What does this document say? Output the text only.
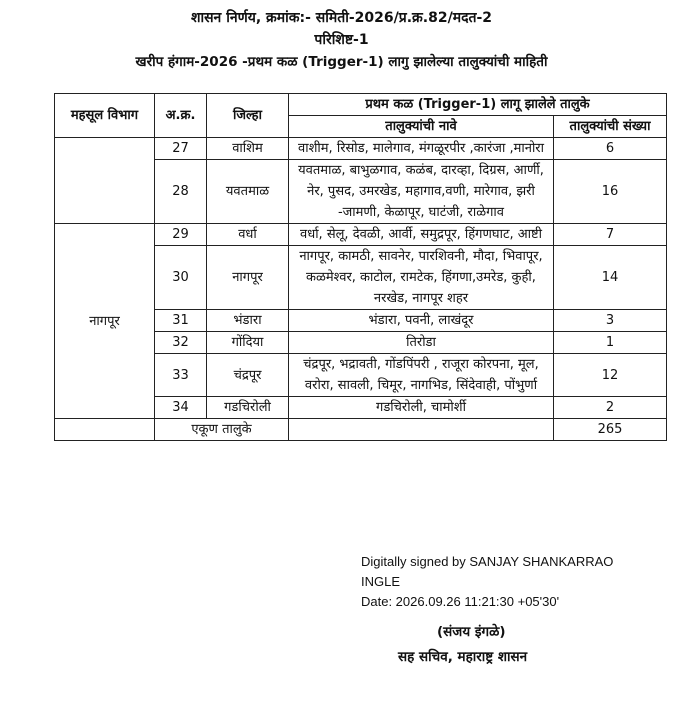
शासन निर्णय, क्रमांक:- समिती-2026/प्र.क्र.82/मदत-2
परिशिष्ट-1
खरीप हंगाम-2026 -प्रथम कळ (Trigger-1) लागु झालेल्या तालुक्यांची माहिती
महसूल विभाग	अ.क्र.	जिल्हा	प्रथम कळ (Trigger-1) लागू झालेले तालुके	
			तालुक्यांची नावे	तालुक्यांची संख्या
	27	वाशिम	वाशीम, रिसोड, मालेगाव, मंगळूरपीर ,कारंजा ,मानोरा	6
	28	यवतमाळ	यवतमाळ, बाभुळगाव, कळंब, दारव्हा, दिग्रस, आर्णी, नेर, पुसद, उमरखेड, महागाव,वणी, मारेगाव, झरी -जामणी, केळापूर, घाटंजी, राळेगाव	16
नागपूर	29	वर्धा	वर्धा, सेलू, देवळी, आर्वी, समुद्रपूर, हिंगणघाट, आष्टी	7
	30	नागपूर	नागपूर, कामठी, सावनेर, पारशिवनी, मौदा, भिवापूर, कळमेश्वर, काटोल, रामटेक, हिंगणा,उमरेड, कुही, नरखेड, नागपूर शहर	14
	31	भंडारा	भंडारा, पवनी, लाखंदूर	3
	32	गोंदिया	तिरोडा	1
	33	चंद्रपूर	चंद्रपूर, भद्रावती, गोंडपिंपरी , राजूरा कोरपना, मूल, वरोरा, सावली, चिमूर, नागभिड, सिंदेवाही, पोंभुर्णा	12
	34	गडचिरोली	गडचिरोली, चामोर्शी	2
	एकूण तालुके			265
Digitally signed by SANJAY SHANKARRAO
INGLE
Date: 2026.09.26 11:21:30 +05'30'
(संजय इंगळे)
सह सचिव, महाराष्ट्र शासन
